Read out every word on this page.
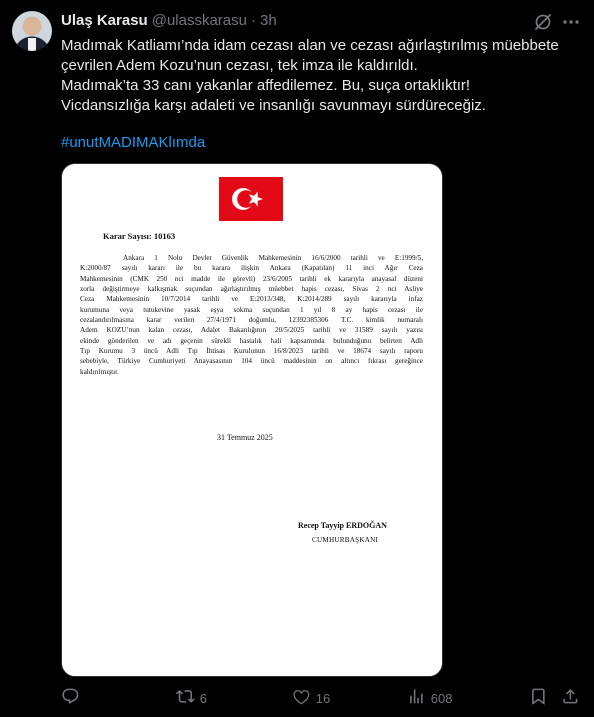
Ulaş Karasu @ulasskarasu · 3h

Madımak Katliamı’nda idam cezası alan ve cezası ağırlaştırılmış müebbete

çevrilen Adem Kozu’nun cezası, tek imza ile kaldırıldı.

Madımak’ta 33 canı yakanlar affedilemez. Bu, suça ortaklıktır!

Vicdansızlığa karşı adaleti ve insanlığı savunmayı sürdüreceğiz.

#unutMADIMAKlımda
Karar Sayısı: 10163
Ankara 1 Nolu Devlet Güvenlik Mahkemesinin 16/6/2000 tarihli ve E:1999/5,
K:2000/87 sayılı kararı ile bu karara ilişkin Ankara (Kapatılan) 11 inci Ağır Ceza
Mahkemesinin (CMK 250 nci madde ile görevli) 23/6/2005 tarihli ek kararıyla anayasal düzeni
zorla değiştirmeye kalkışmak suçundan ağırlaştırılmış müebbet hapis cezası, Sivas 2 nci Asliye
Ceza Mahkemesinin 10/7/2014 tarihli ve E:2013/348, K:2014/289 sayılı kararıyla infaz
kurumuna veya tutukevine yasak eşya sokma suçundan 1 yıl 8 ay hapis cezası ile
cezalandırılmasına karar verilen 27/4/1971 doğumlu, 12392385306 T.C. kimlik numaralı
Adem KOZU’nun kalan cezası, Adalet Bakanlığının 20/5/2025 tarihli ve 31589 sayılı yazısı
ekinde gönderilen ve adı geçenin sürekli hastalık hali kapsamında bulunduğunu belirten Adli
Tıp Kurumu 3 üncü Adli Tıp İhtisas Kurulunun 16/8/2023 tarihli ve 18674 sayılı raporu
sebebiyle, Türkiye Cumhuriyeti Anayasasının 104 üncü maddesinin on altıncı fıkrası gereğince
kaldırılmıştır.
31 Temmuz 2025
Recep Tayyip ERDOĞAN
CUMHURBAŞKANI
6	16	608
